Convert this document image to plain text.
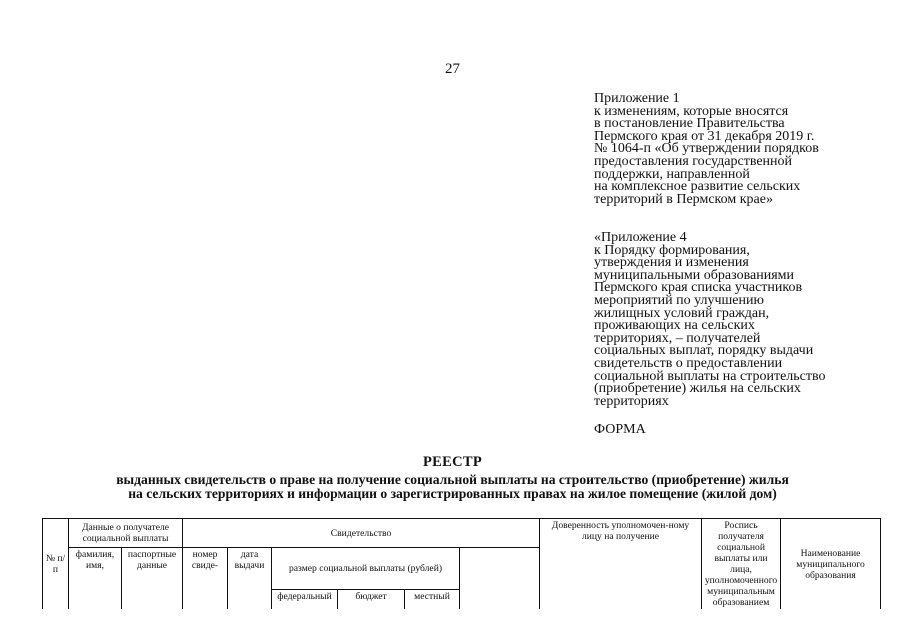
27
Приложение 1
к изменениям, которые вносятся
в постановление Правительства
Пермского края от 31 декабря 2019 г.
№ 1064-п «Об утверждении порядков
предоставления государственной
поддержки, направленной
на комплексное развитие сельских
территорий в Пермском крае»
«Приложение 4
к Порядку формирования,
утверждения и изменения
муниципальными образованиями
Пермского края списка участников
мероприятий по улучшению
жилищных условий граждан,
проживающих на сельских
территориях, – получателей
социальных выплат, порядку выдачи
свидетельств о предоставлении
социальной выплаты на строительство
(приобретение) жилья на сельских
территориях
ФОРМА
РЕЕСТР
выданных свидетельств о праве на получение социальной выплаты на строительство (приобретение) жилья
на сельских территориях и информации о зарегистрированных правах на жилое помещение (жилой дом)
№ п/п	Данные о получателе социальной выплаты		Свидетельство					Доверенность уполномочен-ному лицу на получение	Роспись получателя социальной выплаты или лица, уполномоченного муниципальным образованием	Наименование муниципального образования	
	фамилия, имя,	паспортные данные	номер свиде-	дата выдачи	размер социальной выплаты (рублей)						
					федеральный	бюджет	местный				
